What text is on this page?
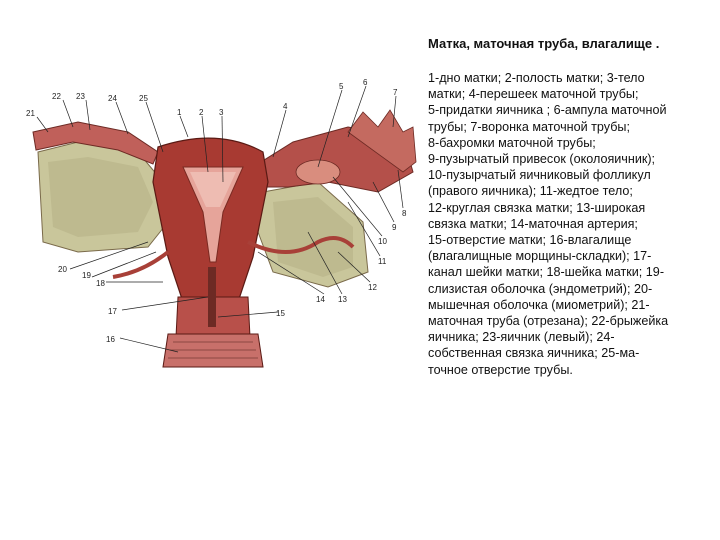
21
22 23	24	25
1 2 3
4
5 6
7
8
9
10
11
12
13
14
15
16
17
18
19
20
Матка, маточная труба, влагалище .

1-дно матки; 2-полость матки; 3-тело
матки; 4-перешеек маточной трубы;
5-придатки яичника ; 6-ампула маточной
трубы; 7-воронка маточной трубы;
8-бахромки маточной трубы;
9-пузырчатый привесок (околояичник);
10-пузырчатый яичниковый фолликул
(правого яичника); 11-жедтое тело;
12-круглая связка матки; 13-широкая
связка матки; 14-маточная артерия;
15-отверстие матки; 16-влагалище
(влагалищные морщины-складки); 17-
канал шейки матки; 18-шейка матки; 19-
слизистая оболочка (эндометрий); 20-
мышечная оболочка (миометрий); 21-
маточная труба (отрезана); 22-брыжейка
яичника; 23-яичник (левый); 24-
собственная связка яичника; 25-ма-
точное отверстие трубы.
